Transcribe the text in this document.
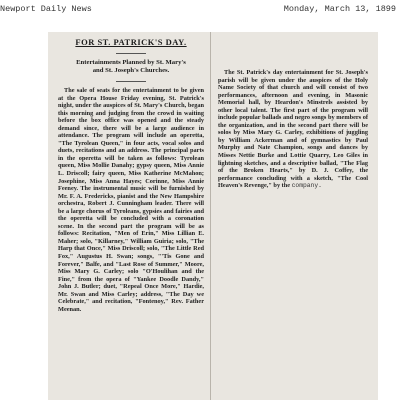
Newport Daily News	Monday, March 13, 1899
FOR ST. PATRICK'S DAY.
Entertainments Planned by St. Mary's
and St. Joseph's Churches.

The sale of seats for the entertainment to be given at the Opera House Friday evening, St. Patrick's night, under the auspices of St. Mary's Church, began this morning and judging from the crowd in waiting before the box office was opened and the steady demand since, there will be a large audience in attendance. The program will include an operetta, "The Tyrolean Queen," in four acts, vocal solos and duets, recitations and an address. The principal parts in the operetta will be taken as follows: Tyrolean queen, Miss Mollie Danahy; gypsy queen, Miss Annie L. Driscoll; fairy queen, Miss Katherine McMahon; Josephine, Miss Anna Hayes; Corinne, Miss Annie Feeney. The instrumental music will be furnished by Mr. F. A. Fredericks, pianist and the New Hampshire orchestra, Robert J. Cunningham leader. There will be a large chorus of Tyroleans, gypsies and fairies and the operetta will be concluded with a coronation scene. In the second part the program will be as follows: Recitation, "Men of Erin," Miss Lillian E. Maher; solo, "Killarney," William Guiria; solo, "The Harp that Once," Miss Driscoll; solo, "The Little Red Fox," Augustus H. Swan; songs, "'Tis Gone and Forever," Balfe, and "Last Rose of Summer," Moore, Miss Mary G. Carley; solo "O'Houlihan and the Fine," from the opera of "Yankee Doodle Dandy," John J. Butler; duet, "Repeal Once More," Hardie, Mr. Swan and Miss Carley; address, "The Day we Celebrate," and recitation, "Fontenoy," Rev. Father Meenan.

The St. Patrick's day entertainment for St. Joseph's parish will be given under the auspices of the Holy Name Society of that church and will consist of two performances, afternoon and evening, in Masonic Memorial hall, by Heardon's Minstrels assisted by other local talent. The first part of the program will include popular ballads and negro songs by members of the organization, and in the second part there will be solos by Miss Mary G. Carley, exhibitions of juggling by William Ackerman and of gymnastics by Paul Murphy and Nate Champion, songs and dances by Misses Nettie Burke and Lottie Quarry, Leo Giles in lightning sketches, and a descriptive ballad, "The Flag of the Broken Hearts," by D. J. Coffey, the performance concluding with a sketch, "The Cool Heaven's Revenge," by the company.
